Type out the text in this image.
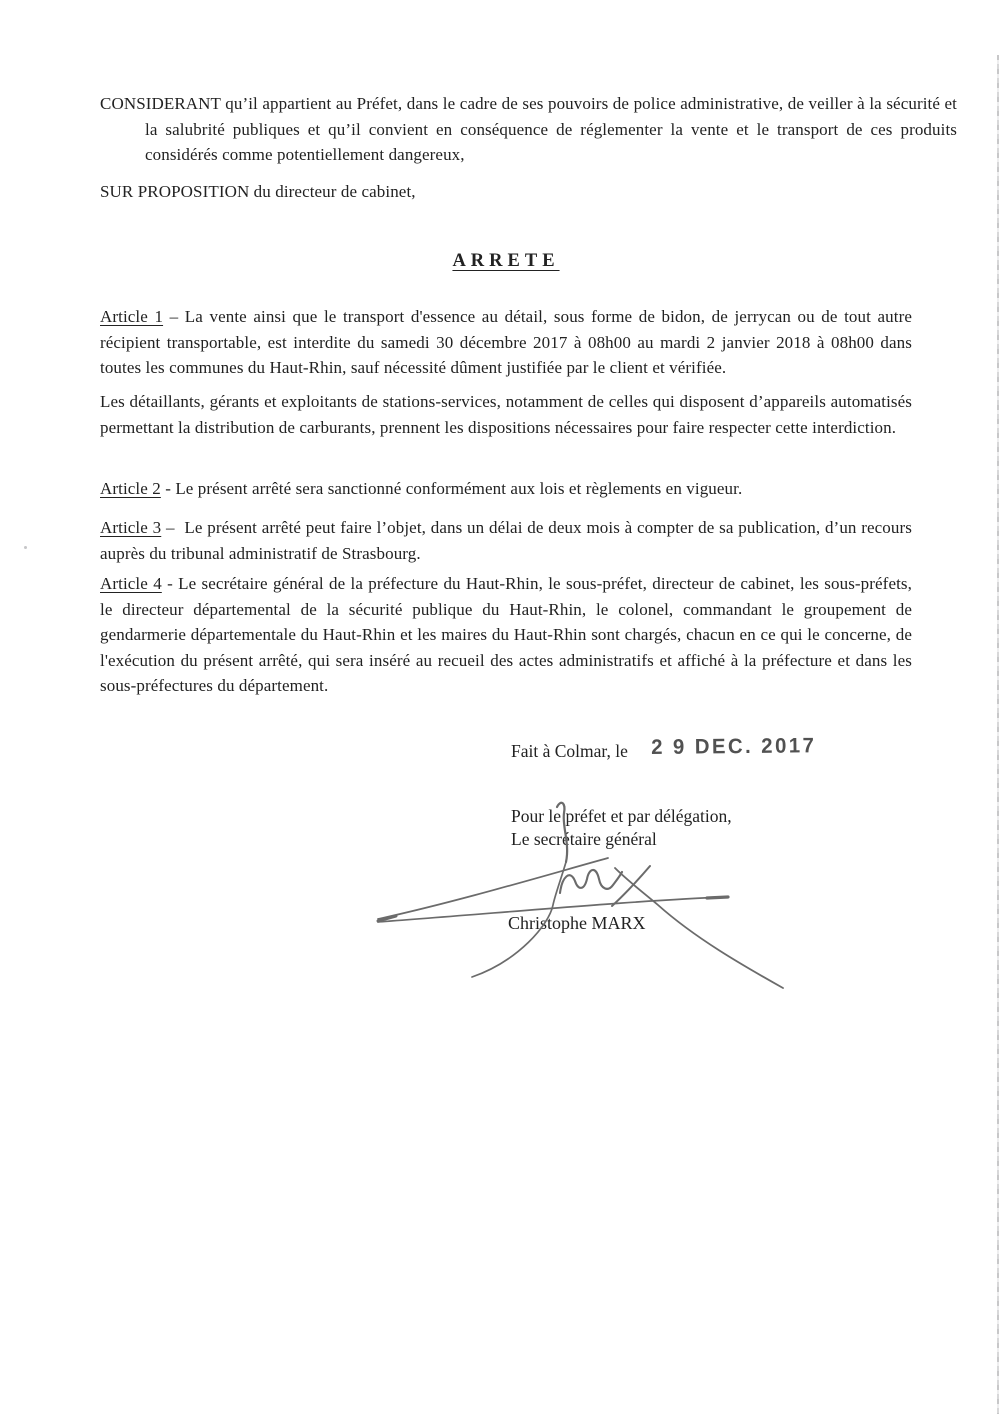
CONSIDERANT qu’il appartient au Préfet, dans le cadre de ses pouvoirs de police administrative, de veiller à la sécurité et la salubrité publiques et qu’il convient en conséquence de réglementer la vente et le transport de ces produits considérés comme potentiellement dangereux,

SUR PROPOSITION du directeur de cabinet,

ARRETE

Article 1 – La vente ainsi que le transport d'essence au détail, sous forme de bidon, de jerrycan ou de tout autre récipient transportable, est interdite du samedi 30 décembre 2017 à 08h00 au mardi 2 janvier 2018 à 08h00 dans toutes les communes du Haut-Rhin, sauf nécessité dûment justifiée par le client et vérifiée.

Les détaillants, gérants et exploitants de stations-services, notamment de celles qui disposent d’appareils automatisés permettant la distribution de carburants, prennent les dispositions nécessaires pour faire respecter cette interdiction.

Article 2 - Le présent arrêté sera sanctionné conformément aux lois et règlements en vigueur.

Article 3 – Le présent arrêté peut faire l’objet, dans un délai de deux mois à compter de sa publication, d’un recours auprès du tribunal administratif de Strasbourg.

Article 4 - Le secrétaire général de la préfecture du Haut-Rhin, le sous-préfet, directeur de cabinet, les sous-préfets, le directeur départemental de la sécurité publique du Haut-Rhin, le colonel, commandant le groupement de gendarmerie départementale du Haut-Rhin et les maires du Haut-Rhin sont chargés, chacun en ce qui le concerne, de l'exécution du présent arrêté, qui sera inséré au recueil des actes administratifs et affiché à la préfecture et dans les sous-préfectures du département.

Fait à Colmar, le 2 9 DEC. 2017

Pour le préfet et par délégation,

Le secrétaire général

Christophe MARX
